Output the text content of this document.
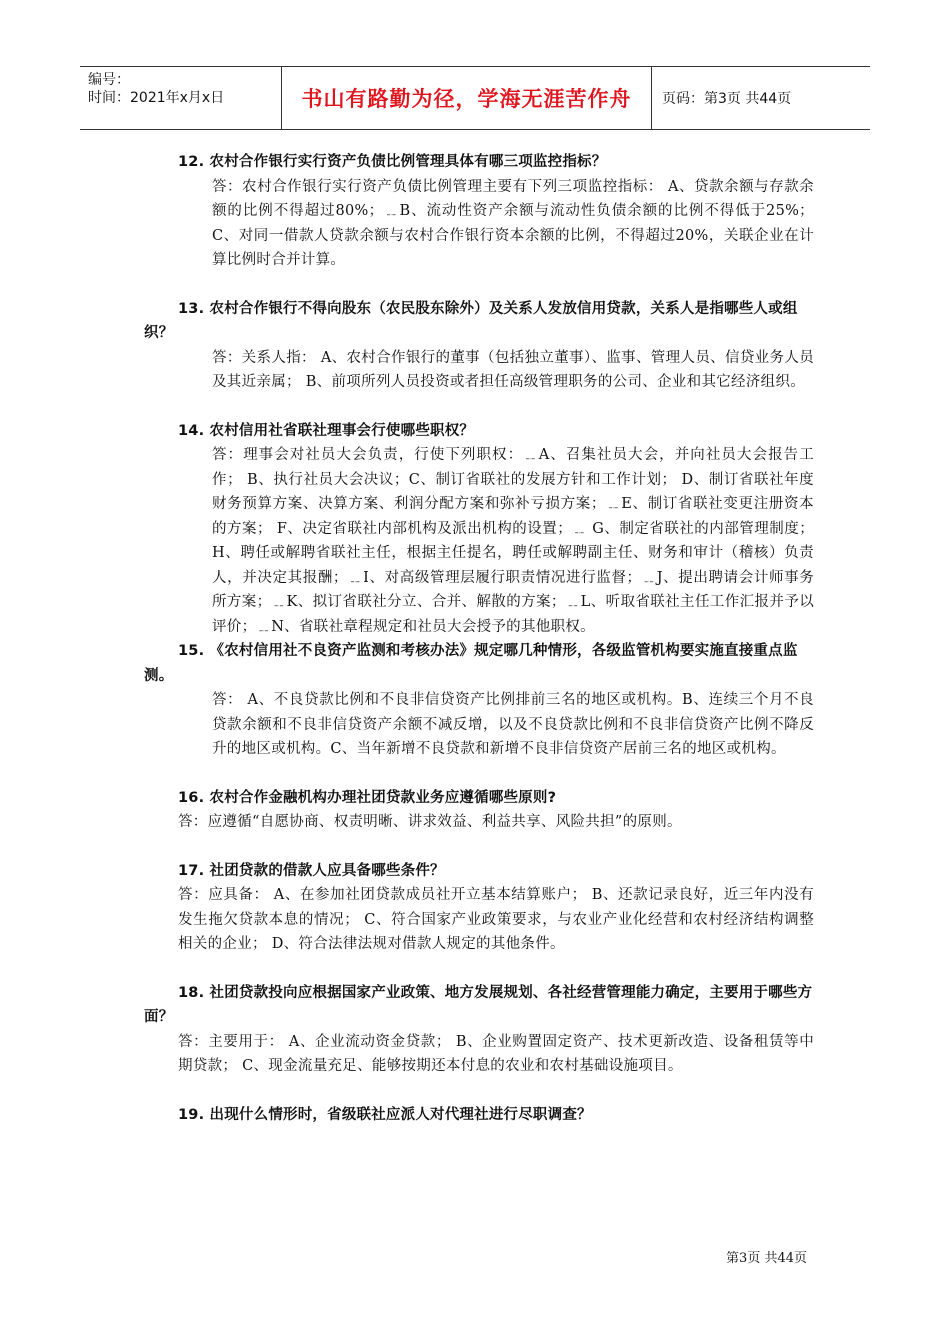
编号：
时间：2021年x月x日	书山有路勤为径，学海无涯苦作舟	页码：第3页 共44页

12. 农村合作银行实行资产负债比例管理具体有哪三项监控指标？

答：农村合作银行实行资产负债比例管理主要有下列三项监控指标： A、贷款余额与存款余额的比例不得超过80%；﹎B、流动性资产余额与流动性负债余额的比例不得低于25%；C、对同一借款人贷款余额与农村合作银行资本余额的比例，不得超过20%，关联企业在计算比例时合并计算。

13. 农村合作银行不得向股东（农民股东除外）及关系人发放信用贷款，关系人是指哪些人或组织？

答：关系人指： A、农村合作银行的董事（包括独立董事）、监事、管理人员、信贷业务人员及其近亲属； B、前项所列人员投资或者担任高级管理职务的公司、企业和其它经济组织。

14. 农村信用社省联社理事会行使哪些职权？

答：理事会对社员大会负责，行使下列职权：﹎A、召集社员大会，并向社员大会报告工作； B、执行社员大会决议；C、制订省联社的发展方针和工作计划； D、制订省联社年度财务预算方案、决算方案、利润分配方案和弥补亏损方案；﹎E、制订省联社变更注册资本的方案； F、决定省联社内部机构及派出机构的设置；﹎ G、制定省联社的内部管理制度； H、聘任或解聘省联社主任，根据主任提名，聘任或解聘副主任、财务和审计（稽核）负责人，并决定其报酬；﹎I、对高级管理层履行职责情况进行监督；﹎J、提出聘请会计师事务所方案；﹎K、拟订省联社分立、合并、解散的方案；﹎L、听取省联社主任工作汇报并予以评价；﹎N、省联社章程规定和社员大会授予的其他职权。

15. 《农村信用社不良资产监测和考核办法》规定哪几种情形，各级监管机构要实施直接重点监测。

答： A、不良贷款比例和不良非信贷资产比例排前三名的地区或机构。B、连续三个月不良贷款余额和不良非信贷资产余额不减反增，以及不良贷款比例和不良非信贷资产比例不降反升的地区或机构。C、当年新增不良贷款和新增不良非信贷资产居前三名的地区或机构。

16. 农村合作金融机构办理社团贷款业务应遵循哪些原则?

答：应遵循“自愿协商、权责明晰、讲求效益、利益共享、风险共担”的原则。

17. 社团贷款的借款人应具备哪些条件？

答：应具备： A、在参加社团贷款成员社开立基本结算账户； B、还款记录良好，近三年内没有发生拖欠贷款本息的情况； C、符合国家产业政策要求，与农业产业化经营和农村经济结构调整相关的企业； D、符合法律法规对借款人规定的其他条件。

18. 社团贷款投向应根据国家产业政策、地方发展规划、各社经营管理能力确定，主要用于哪些方面？

答：主要用于： A、企业流动资金贷款； B、企业购置固定资产、技术更新改造、设备租赁等中期贷款； C、现金流量充足、能够按期还本付息的农业和农村基础设施项目。

19. 出现什么情形时，省级联社应派人对代理社进行尽职调查？

第3页 共44页
